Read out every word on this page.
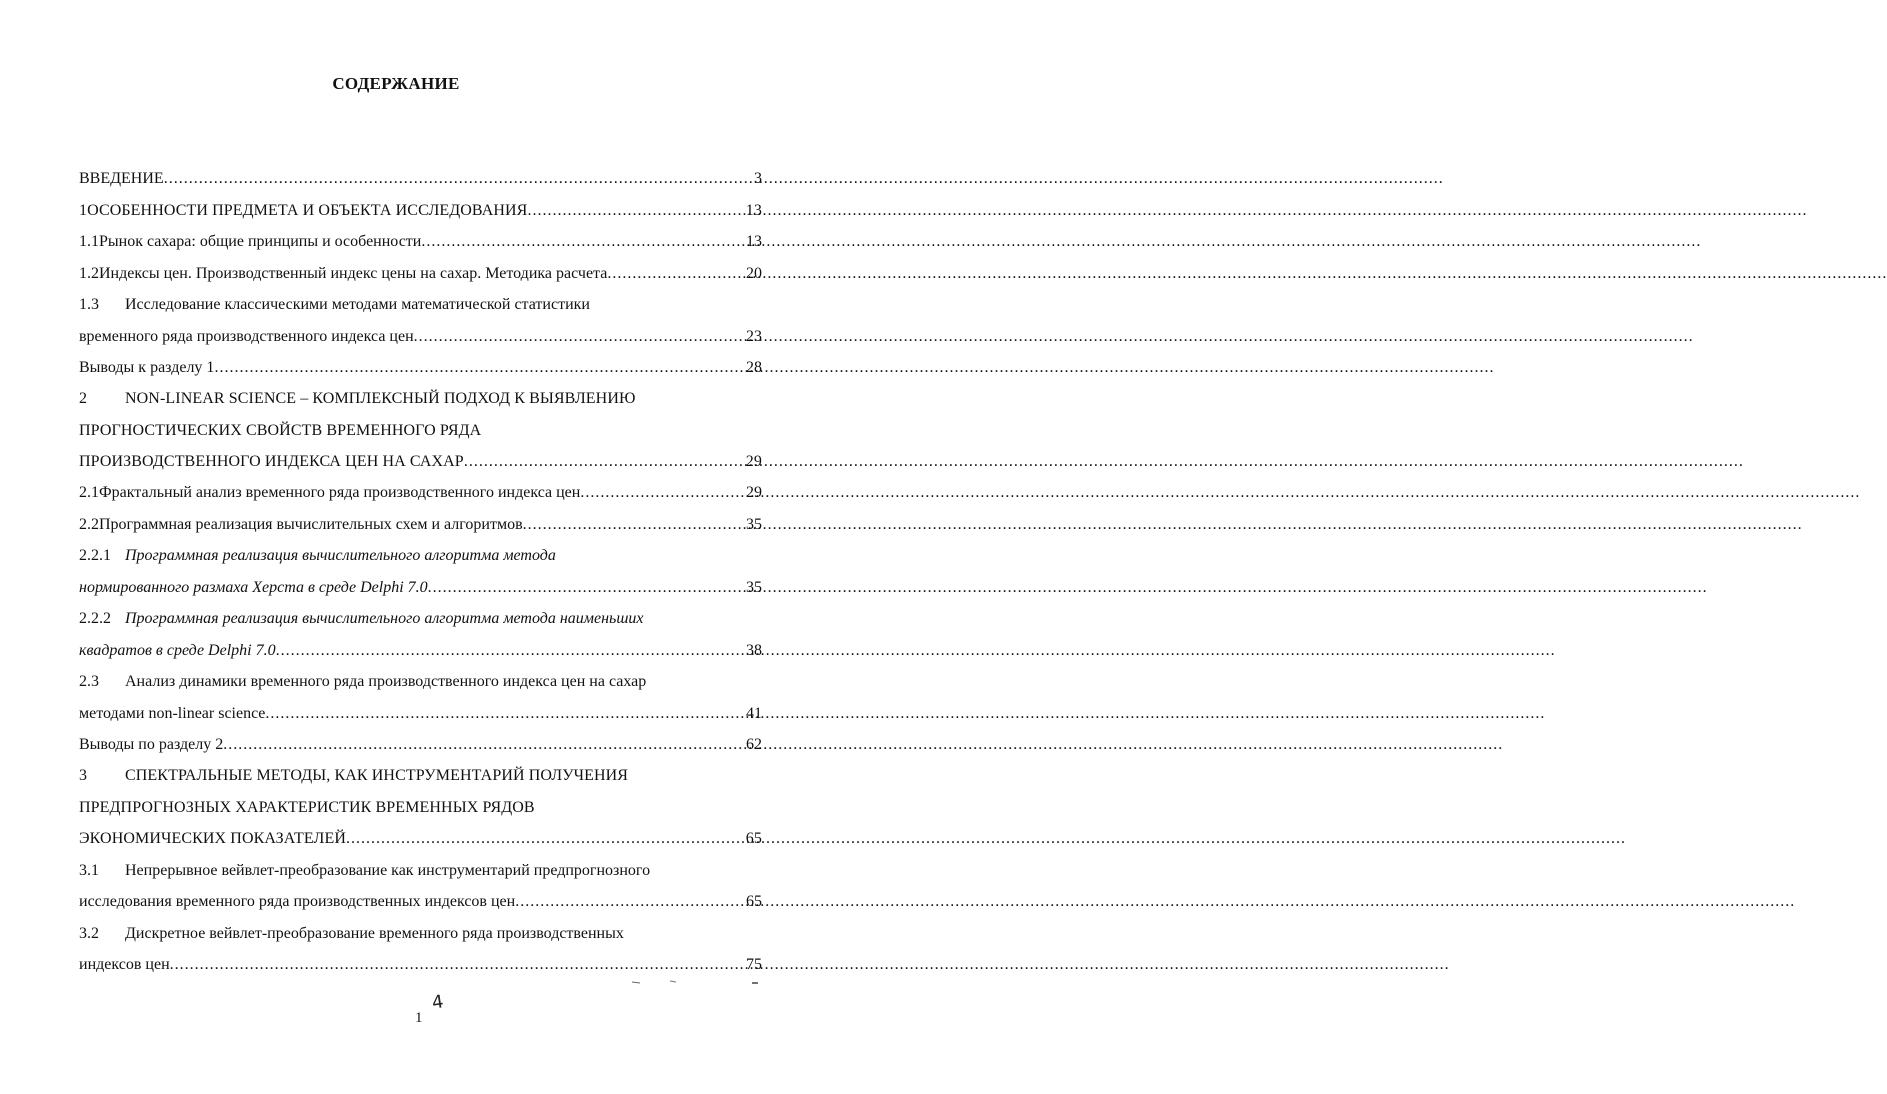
СОДЕРЖАНИЕ
ВВЕДЕНИЕ .....	3
1 ОСОБЕННОСТИ ПРЕДМЕТА И ОБЪЕКТА ИССЛЕДОВАНИЯ .....	13
1.1 Рынок сахара: общие принципы и особенности .....	13
1.2 Индексы цен. Производственный индекс цены на сахар. Методика расчета .....	20
1.3 Исследование классическими методами математической статистики
временного ряда производственного индекса цен .....	23
Выводы к разделу 1 .....	28
2 NON-LINEAR SCIENCE – КОМПЛЕКСНЫЙ ПОДХОД К ВЫЯВЛЕНИЮ
ПРОГНОСТИЧЕСКИХ СВОЙСТВ ВРЕМЕННОГО РЯДА
ПРОИЗВОДСТВЕННОГО ИНДЕКСА ЦЕН НА САХАР .....	29
2.1 Фрактальный анализ временного ряда производственного индекса цен .....	29
2.2 Программная реализация вычислительных схем и алгоритмов .....	35
2.2.1 Программная реализация вычислительного алгоритма метода
нормированного размаха Херста в среде Delphi 7.0 .....	35
2.2.2 Программная реализация вычислительного алгоритма метода наименьших
квадратов в среде Delphi 7.0 .....	38
2.3 Анализ динамики временного ряда производственного индекса цен на сахар
методами non-linear science .....	41
Выводы по разделу 2 .....	62
3 СПЕКТРАЛЬНЫЕ МЕТОДЫ, КАК ИНСТРУМЕНТАРИЙ ПОЛУЧЕНИЯ
ПРЕДПРОГНОЗНЫХ ХАРАКТЕРИСТИК ВРЕМЕННЫХ РЯДОВ
ЭКОНОМИЧЕСКИХ ПОКАЗАТЕЛЕЙ .....	65
3.1 Непрерывное вейвлет-преобразование как инструментарий предпрогнозного
исследования временного ряда производственных индексов цен .....	65
3.2 Дискретное вейвлет-преобразование временного ряда производственных
индексов цен .....	75
1
4
